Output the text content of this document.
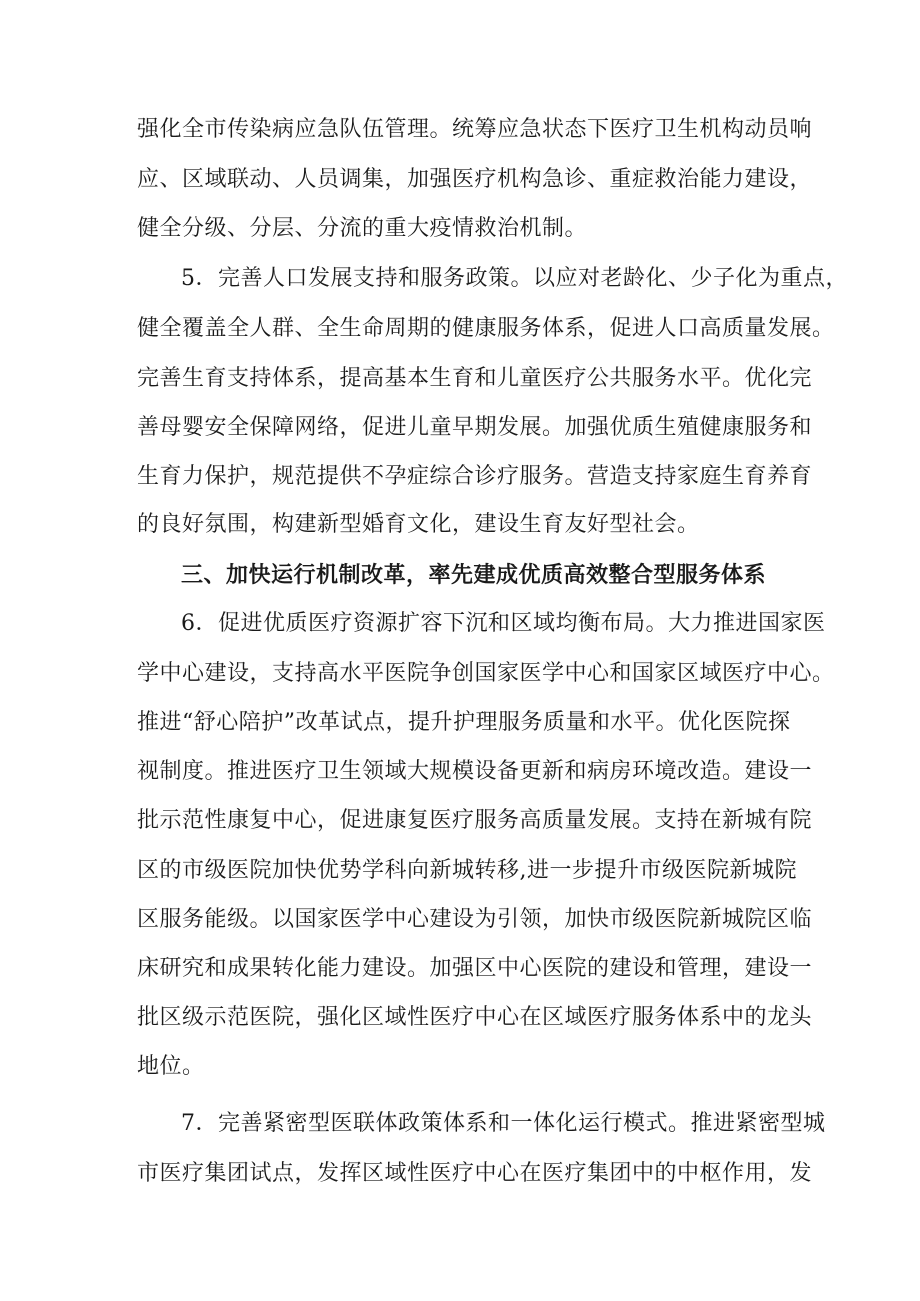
强化全市传染病应急队伍管理。统筹应急状态下医疗卫生机构动员响
应、区域联动、人员调集，加强医疗机构急诊、重症救治能力建设，
健全分级、分层、分流的重大疫情救治机制。
5．完善人口发展支持和服务政策。以应对老龄化、少子化为重点，
健全覆盖全人群、全生命周期的健康服务体系，促进人口高质量发展。
完善生育支持体系，提高基本生育和儿童医疗公共服务水平。优化完
善母婴安全保障网络，促进儿童早期发展。加强优质生殖健康服务和
生育力保护，规范提供不孕症综合诊疗服务。营造支持家庭生育养育
的良好氛围，构建新型婚育文化，建设生育友好型社会。
三、加快运行机制改革，率先建成优质高效整合型服务体系
6．促进优质医疗资源扩容下沉和区域均衡布局。大力推进国家医
学中心建设，支持高水平医院争创国家医学中心和国家区域医疗中心。
推进“舒心陪护”改革试点，提升护理服务质量和水平。优化医院探
视制度。推进医疗卫生领域大规模设备更新和病房环境改造。建设一
批示范性康复中心，促进康复医疗服务高质量发展。支持在新城有院
区的市级医院加快优势学科向新城转移,进一步提升市级医院新城院
区服务能级。以国家医学中心建设为引领，加快市级医院新城院区临
床研究和成果转化能力建设。加强区中心医院的建设和管理，建设一
批区级示范医院，强化区域性医疗中心在区域医疗服务体系中的龙头
地位。
7．完善紧密型医联体政策体系和一体化运行模式。推进紧密型城
市医疗集团试点，发挥区域性医疗中心在医疗集团中的中枢作用，发
